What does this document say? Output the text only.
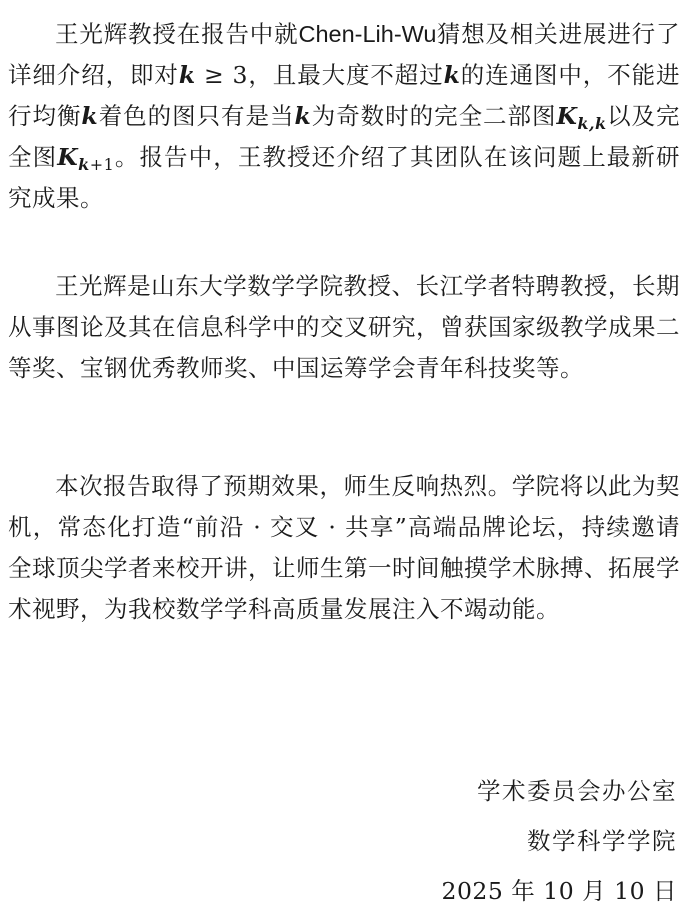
王光辉教授在报告中就Chen-Lih-Wu猜想及相关进展进行了详细介绍，即对k ≥ 3，且最大度不超过k的连通图中，不能进行均衡k着色的图只有是当k为奇数时的完全二部图$K_{k,k}$以及完全图$K_{k+1}$。报告中，王教授还介绍了其团队在该问题上最新研究成果。

王光辉是山东大学数学学院教授、长江学者特聘教授，长期从事图论及其在信息科学中的交叉研究，曾获国家级教学成果二等奖、宝钢优秀教师奖、中国运筹学会青年科技奖等。

本次报告取得了预期效果，师生反响热烈。学院将以此为契机，常态化打造“前沿 · 交叉 · 共享”高端品牌论坛，持续邀请全球顶尖学者来校开讲，让师生第一时间触摸学术脉搏、拓展学术视野，为我校数学学科高质量发展注入不竭动能。

学术委员会办公室

数学科学学院

2025 年 10 月 10 日
